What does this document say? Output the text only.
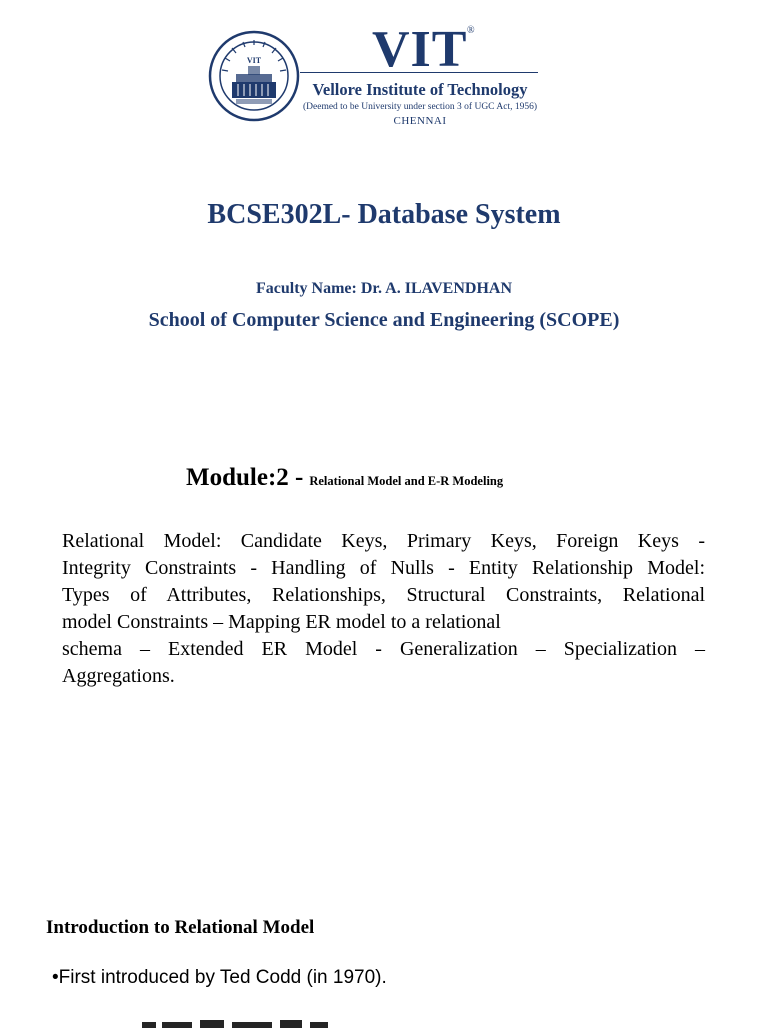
VIT VIT ®
Vellore Institute of Technology
(Deemed to be University under section 3 of UGC Act, 1956)
CHENNAI
BCSE302L- Database System
Faculty Name: Dr. A. ILAVENDHAN
School of Computer Science and Engineering (SCOPE)
Module:2 - Relational Model and E-R Modeling
Relational Model: Candidate Keys, Primary Keys, Foreign Keys -
Integrity Constraints - Handling of Nulls - Entity Relationship Model:
Types of Attributes, Relationships, Structural Constraints, Relational
model Constraints – Mapping ER model to a relational
schema – Extended ER Model - Generalization – Specialization –
Aggregations.
Introduction to Relational Model
•First introduced by Ted Codd (in 1970).
